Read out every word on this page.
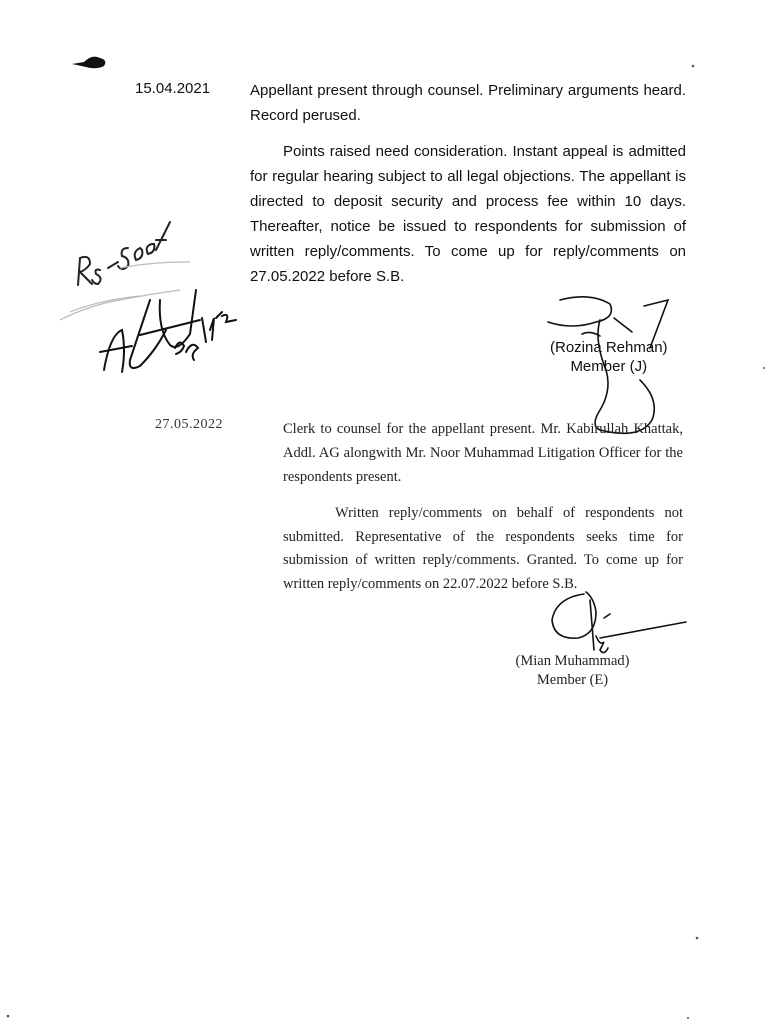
15.04.2021	Appellant present through counsel. Preliminary arguments heard. Record perused.

Points raised need consideration. Instant appeal is admitted for regular hearing subject to all legal objections. The appellant is directed to deposit security and process fee within 10 days. Thereafter, notice be issued to respondents for submission of written reply/comments. To come up for reply/comments on 27.05.2022 before S.B.

(Rozina Rehman)
Member (J)
27.05.2022	Clerk to counsel for the appellant present. Mr. Kabirullah Khattak, Addl. AG alongwith Mr. Noor Muhammad Litigation Officer for the respondents present.

Written reply/comments on behalf of respondents not submitted. Representative of the respondents seeks time for submission of written reply/comments. Granted. To come up for written reply/comments on 22.07.2022 before S.B.

(Mian Muhammad)
Member (E)
